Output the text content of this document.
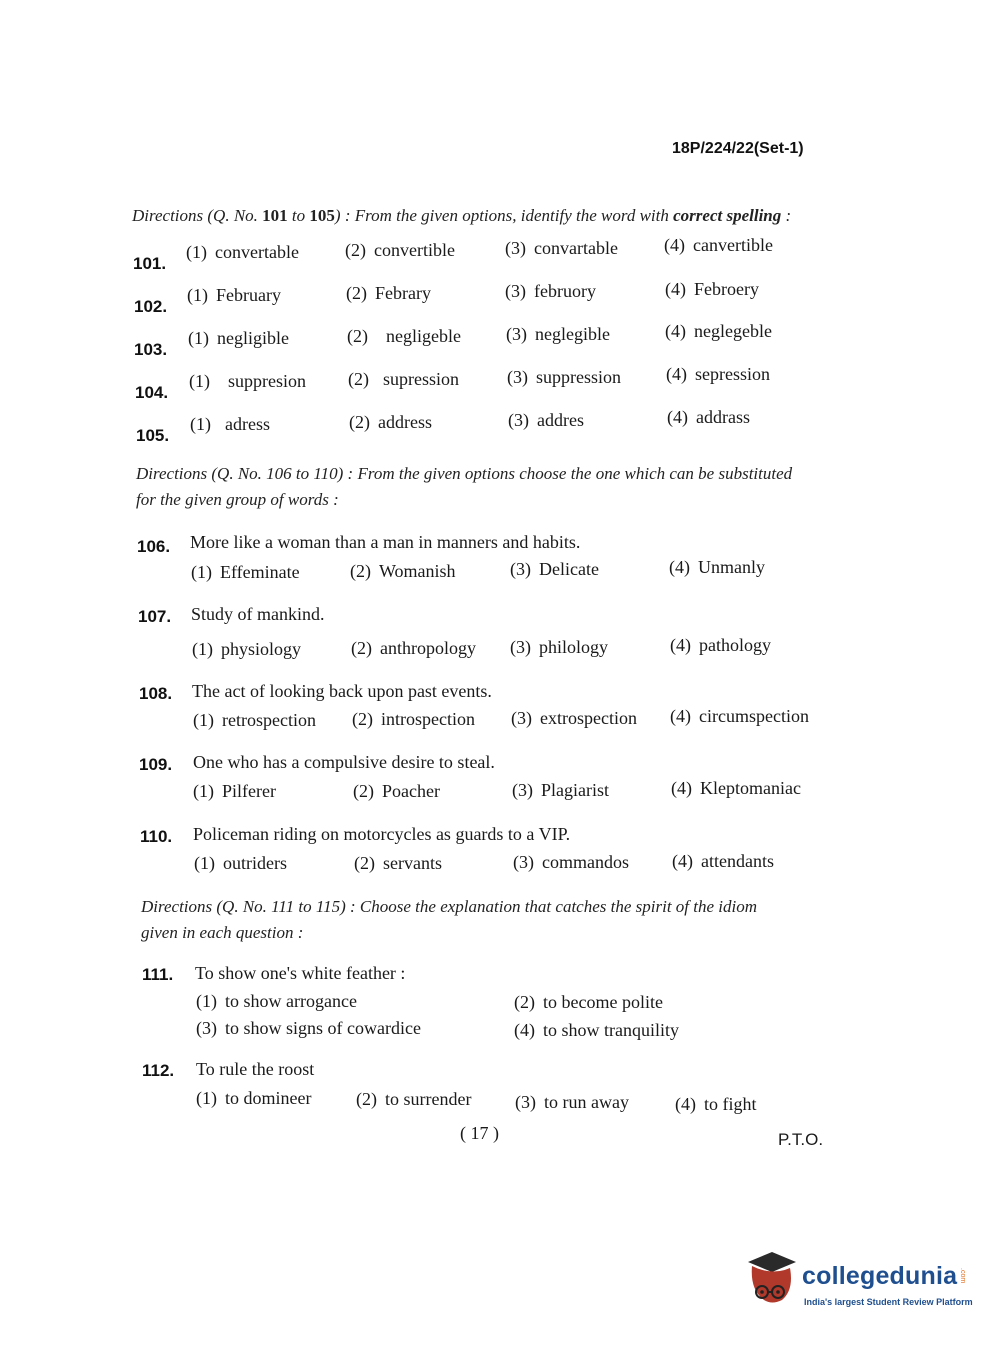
18P/224/22(Set-1)
Directions (Q. No. 101 to 105) : From the given options, identify the word with correct spelling :
101.
(1) convertable	(2) convertible	(3) convartable	(4) canvertible
102.
(1) February	(2) Febrary	(3) februory	(4) Febroery
103.
(1) negligible	(2) negligeble	(3) neglegible	(4) neglegeble
104.
(1) suppresion (2) supression	(3) suppression	(4) sepression
105.
(1) adress	(2) address	(3) addres	(4) addrass
Directions (Q. No. 106 to 110) : From the given options choose the one which can be substituted
for the given group of words :
106. More like a woman than a man in manners and habits.
(1) Effeminate	(2) Womanish	(3) Delicate	(4) Unmanly
107. Study of mankind.
(1) physiology	(2) anthropology (3) philology	(4) pathology
108. The act of looking back upon past events.
(1) retrospection (2) introspection (3) extrospection (4) circumspection
109. One who has a compulsive desire to steal.
(1) Pilferer	(2) Poacher	(3) Plagiarist	(4) Kleptomaniac
110. Policeman riding on motorcycles as guards to a VIP.
(1) outriders	(2) servants	(3) commandos (4) attendants
Directions (Q. No. 111 to 115) : Choose the explanation that catches the spirit of the idiom
given in each question :
111. To show one's white feather :
(1) to show arrogance	(2) to become polite
(3) to show signs of cowardice	(4) to show tranquility
112. To rule the roost
(1) to domineer (2) to surrender (3) to run away	(4) to fight
( 17 )	P.T.O.
collegedunia .com
India's largest Student Review Platform
